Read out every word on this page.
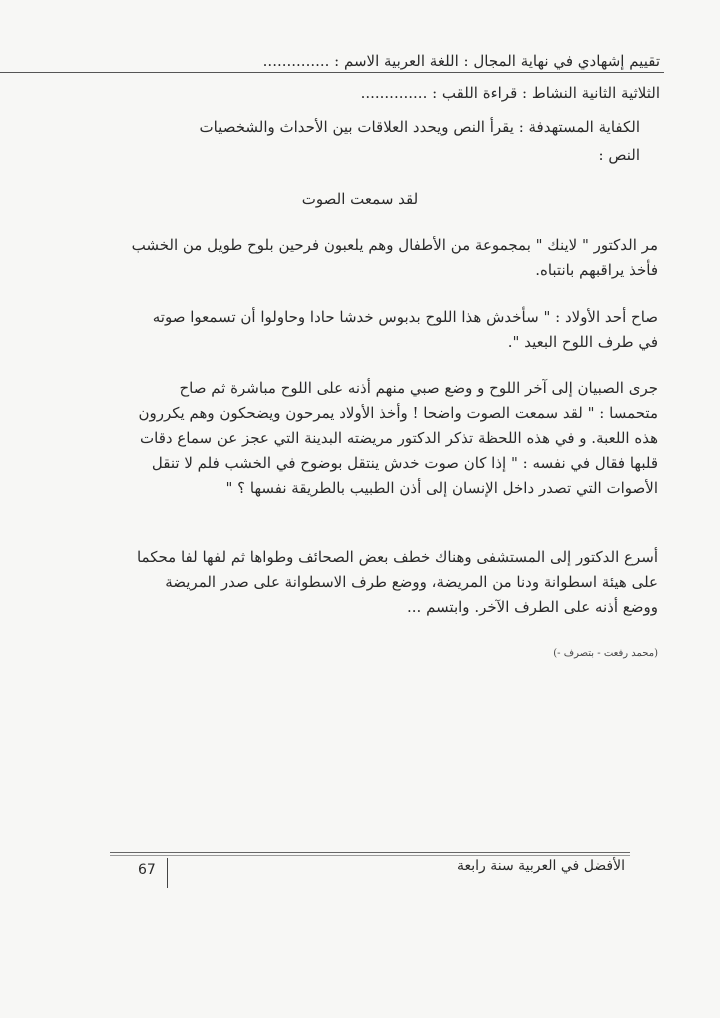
تقييم إشهادي في نهاية المجال : اللغة العربية الاسم : ..............
الثلاثية الثانية النشاط : قراءة اللقب : ..............
الكفاية المستهدفة : يقرأ النص ويحدد العلاقات بين الأحداث والشخصيات
النص :
لقد سمعت الصوت
مر الدكتور " لاينك " بمجموعة من الأطفال وهم يلعبون فرحين بلوح طويل من الخشب
فأخذ يراقبهم بانتباه.
صاح أحد الأولاد : " سأخدش هذا اللوح بدبوس خدشا حادا وحاولوا أن تسمعوا صوته
في طرف اللوح البعيد ".
جرى الصبيان إلى آخر اللوح و وضع صبي منهم أذنه على اللوح مباشرة ثم صاح
متحمسا : " لقد سمعت الصوت واضحا ! وأخذ الأولاد يمرحون ويضحكون وهم يكررون
هذه اللعبة. و في هذه اللحظة تذكر الدكتور مريضته البدينة التي عجز عن سماع دقات
قلبها فقال في نفسه : " إذا كان صوت خدش ينتقل بوضوح في الخشب فلم لا تنقل
الأصوات التي تصدر داخل الإنسان إلى أذن الطبيب بالطريقة نفسها ؟ "
أسرع الدكتور إلى المستشفى وهناك خطف بعض الصحائف وطواها ثم لفها لفا محكما
على هيئة اسطوانة ودنا من المريضة، ووضع طرف الاسطوانة على صدر المريضة
ووضع أذنه على الطرف الآخر. وابتسم ...
(محمد رفعت - بتصرف -)
الأفضل في العربية سنة رابعة
67
